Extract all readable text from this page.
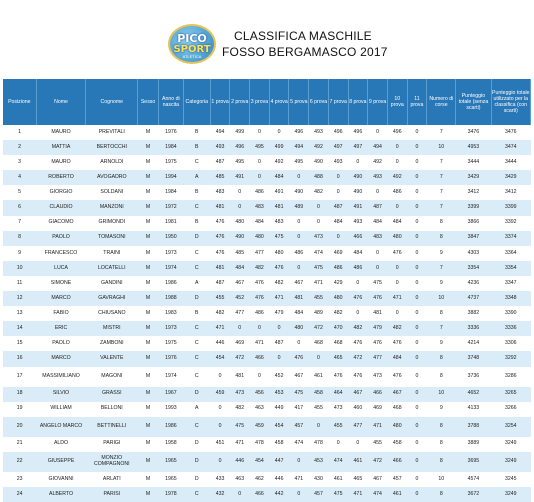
PICO
SPORT
ATLETICA
CLASSIFICA MASCHILE
FOSSO BERGAMASCO 2017
Posizione	Nome	Cognome	Sesso	Anno di nascita	Categoria	1 prova	2 prova	3 prova	4 prova	5 prova	6 prova	7 prova	8 prova	9 prova	10 prova	11 prova	Numero di corse	Punteggio totale (senza scarti)	Punteggio totale utilizzato per la classifica (con scarti)
1	MAURO	PREVITALI	M	1976	B	494	499	0	0	496	493	496	496	0	496	0	7	3476	3476
2	MATTIA	BERTOCCHI	M	1984	B	493	496	495	499	494	492	497	497	494	0	0	10	4953	3474
3	MAURO	ARNOLDI	M	1975	C	487	495	0	492	495	490	493	0	492	0	0	7	3444	3444
4	ROBERTO	AVOGADRO	M	1994	A	485	491	0	484	0	488	0	490	493	492	0	7	3429	3429
5	GIORGIO	SOLDANI	M	1984	B	483	0	486	491	490	482	0	490	0	486	0	7	3412	3412
6	CLAUDIO	MANZONI	M	1972	C	481	0	483	481	489	0	487	491	487	0	0	7	3399	3399
7	GIACOMO	GRIMONDI	M	1981	B	476	480	484	483	0	0	484	493	484	484	0	8	3866	3392
8	PAOLO	TOMASONI	M	1950	D	476	490	480	475	0	473	0	466	483	480	0	8	3847	3374
9	FRANCESCO	TRAINI	M	1973	C	476	485	477	480	486	474	469	484	0	476	0	9	4303	3364
10	LUCA	LOCATELLI	M	1974	C	481	484	482	476	0	475	486	486	0	0	0	7	3354	3354
11	SIMONE	GANDINI	M	1986	A	487	467	476	482	467	471	429	0	475	0	0	9	4236	3347
12	MARCO	GAVRAGHI	M	1988	D	455	452	476	471	481	455	480	476	476	471	0	10	4737	3348
13	FABIO	CHIUSANO	M	1983	B	482	477	486	479	484	489	482	0	481	0	0	8	3882	3390
14	ERIC	MISTRI	M	1973	C	471	0	0	0	480	472	470	482	479	482	0	7	3336	3336
15	PAOLO	ZAMBONI	M	1975	C	446	469	471	487	0	468	468	476	476	476	0	9	4214	3306
16	MARCO	VALENTE	M	1976	C	454	472	466	0	476	0	465	472	477	484	0	8	3748	3292
17	MASSIMILIANO	MAGONI	M	1974	C	0	481	0	452	467	461	476	476	473	476	0	8	3736	3286
18	SILVIO	GRASSI	M	1967	D	459	473	456	453	475	458	464	467	466	467	0	10	4652	3265
19	WILLIAM	BELLONI	M	1993	A	0	482	463	449	417	455	473	460	469	468	0	9	4133	3266
20	ANGELO MARCO	BETTINELLI	M	1986	C	0	475	459	454	457	0	455	477	471	480	0	8	3788	3254
21	ALDO	PARIGI	M	1958	D	451	471	478	458	474	478	0	0	455	458	0	8	3889	3249
22	GIUSEPPE	MONZIO COMPAGNONI	M	1965	D	0	446	454	447	0	453	474	461	472	466	0	8	3695	3249
23	GIOVANNI	ARLATI	M	1965	D	433	463	462	446	471	430	461	465	467	457	0	10	4574	3245
24	ALBERTO	PARISI	M	1978	C	432	0	466	442	0	457	475	471	474	461	0	8	3672	3249
